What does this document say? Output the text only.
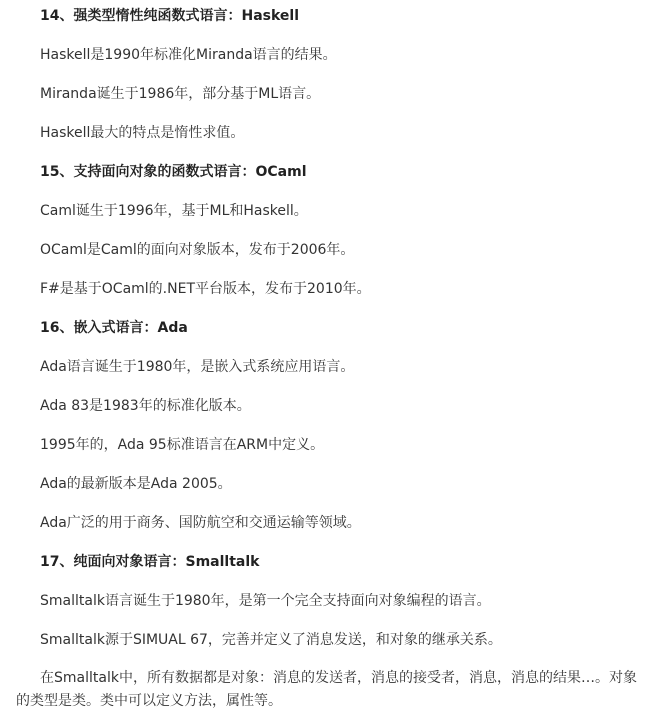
14、强类型惰性纯函数式语言：Haskell
Haskell是1990年标准化Miranda语言的结果。
Miranda诞生于1986年，部分基于ML语言。
Haskell最大的特点是惰性求值。
15、支持面向对象的函数式语言：OCaml
Caml诞生于1996年，基于ML和Haskell。
OCaml是Caml的面向对象版本，发布于2006年。
F#是基于OCaml的.NET平台版本，发布于2010年。
16、嵌入式语言：Ada
Ada语言诞生于1980年，是嵌入式系统应用语言。
Ada 83是1983年的标准化版本。
1995年的，Ada 95标准语言在ARM中定义。
Ada的最新版本是Ada 2005。
Ada广泛的用于商务、国防航空和交通运输等领域。
17、纯面向对象语言：Smalltalk
Smalltalk语言诞生于1980年，是第一个完全支持面向对象编程的语言。
Smalltalk源于SIMUAL 67，完善并定义了消息发送，和对象的继承关系。
在Smalltalk中，所有数据都是对象：消息的发送者，消息的接受者，消息，消息的结果…。对象的类型是类。类中可以定义方法，属性等。
